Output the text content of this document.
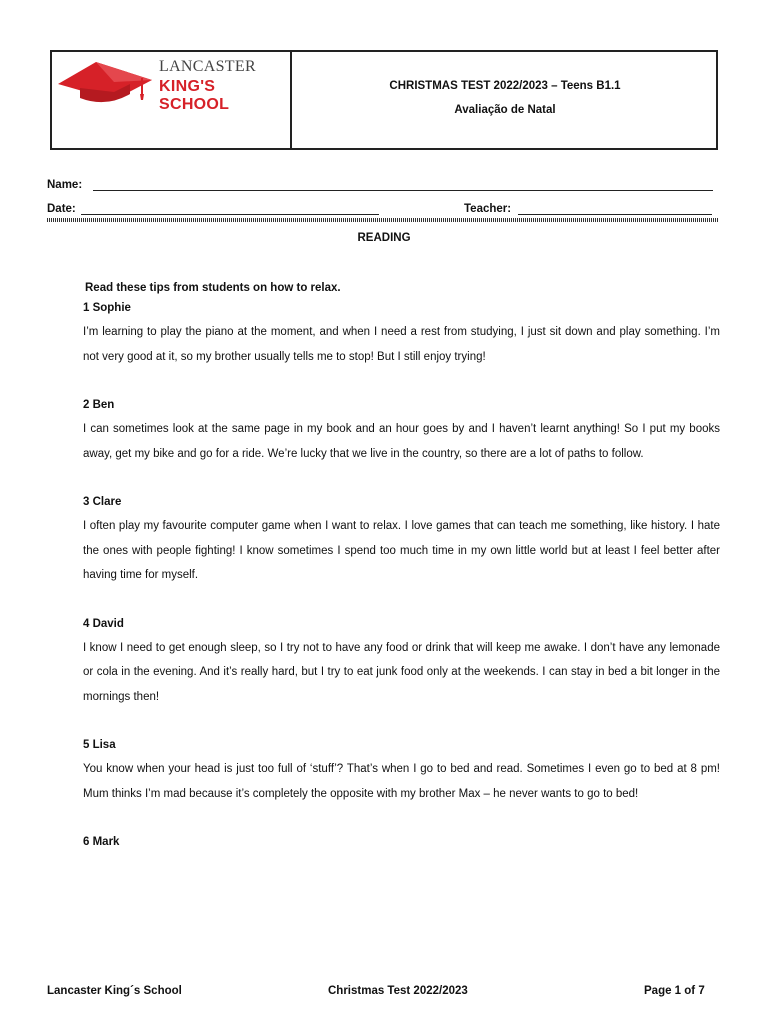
LANCASTER
KING'S SCHOOL
CHRISTMAS TEST 2022/2023 – Teens B1.1
Avaliação de Natal
Name:
Date:	Teacher:
READING

Read these tips from students on how to relax.

1 Sophie

I’m learning to play the piano at the moment, and when I need a rest from studying, I just sit down and play something. I’m not very good at it, so my brother usually tells me to stop! But I still enjoy trying!

2 Ben

I can sometimes look at the same page in my book and an hour goes by and I haven’t learnt anything! So I put my books away, get my bike and go for a ride. We’re lucky that we live in the country, so there are a lot of paths to follow.

3 Clare

I often play my favourite computer game when I want to relax. I love games that can teach me something, like history. I hate the ones with people fighting! I know sometimes I spend too much time in my own little world but at least I feel better after having time for myself.

4 David

I know I need to get enough sleep, so I try not to have any food or drink that will keep me awake. I don’t have any lemonade or cola in the evening. And it’s really hard, but I try to eat junk food only at the weekends. I can stay in bed a bit longer in the mornings then!

5 Lisa

You know when your head is just too full of ‘stuff’? That’s when I go to bed and read. Sometimes I even go to bed at 8 pm! Mum thinks I’m mad because it’s completely the opposite with my brother Max – he never wants to go to bed!

6 Mark

Lancaster King´s School	Christmas Test 2022/2023	Page 1 of 7
